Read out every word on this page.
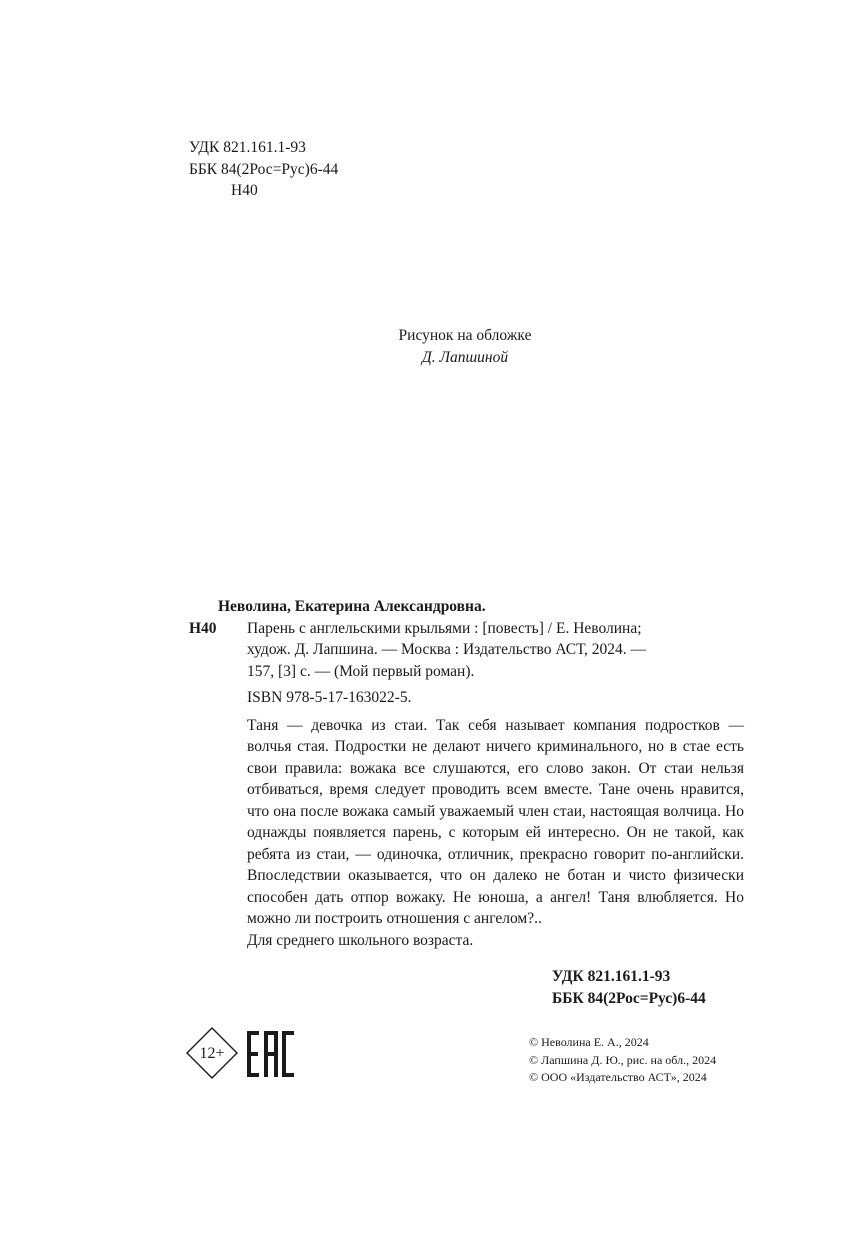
УДК 821.161.1-93
ББК 84(2Рос=Рус)6-44
Н40
Рисунок на обложке
Д. Лапшиной
Неволина, Екатерина Александровна.
Н40	Парень с англельскими крыльями : [повесть] / Е. Неволина;
худож. Д. Лапшина. — Москва : Издательство АСТ, 2024. —
157, [3] с. — (Мой первый роман).
ISBN 978-5-17-163022-5.
Таня — девочка из стаи. Так себя называет компания подростков — волчья стая. Подростки не делают ничего криминального, но в стае есть свои правила: вожака все слушаются, его слово закон. От стаи нельзя отбиваться, время следует проводить всем вместе. Тане очень нравится, что она после вожака самый уважаемый член стаи, настоящая волчица. Но однажды появляется парень, с которым ей интересно. Он не такой, как ребята из стаи, — одиночка, отличник, прекрасно говорит по-английски. Впоследствии оказывается, что он далеко не ботан и чисто физически способен дать отпор вожаку. Не юноша, а ангел! Таня влюбляется. Но можно ли построить отношения с ангелом?..
Для среднего школьного возраста.
УДК 821.161.1-93
ББК 84(2Рос=Рус)6-44
12+
© Неволина Е. А., 2024
© Лапшина Д. Ю., рис. на обл., 2024
© ООО «Издательство АСТ», 2024
